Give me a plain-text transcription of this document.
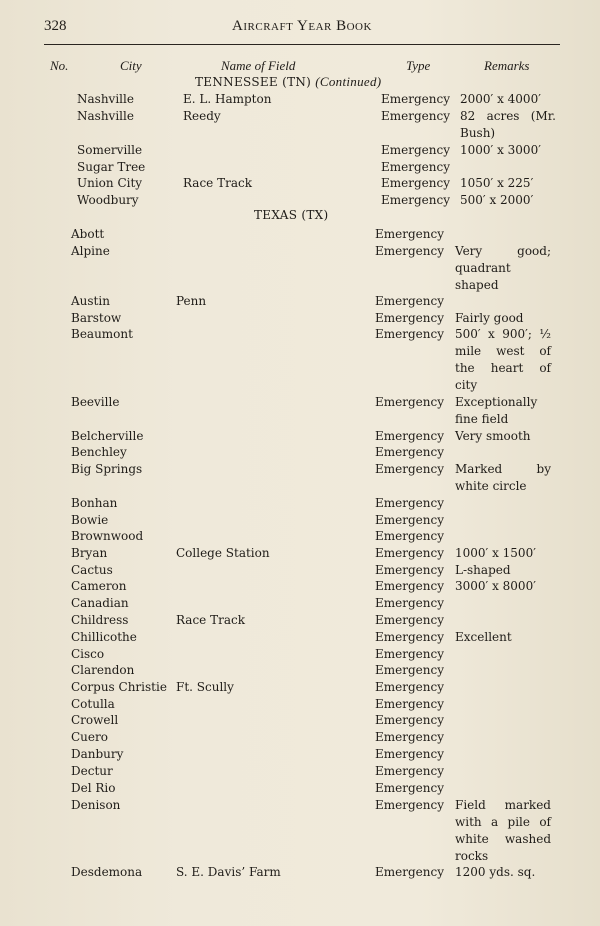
328	Aircraft Year Book
No.	City	Name of Field	Type	Remarks
TENNESSEE (TN) (Continued)
Nashville	E. L. Hampton	Emergency 2000′ x 4000′
Nashville	Reedy	Emergency 82 acres (Mr. Bush)
Somerville	Emergency 1000′ x 3000′
Sugar Tree	Emergency
Union City	Race Track	Emergency 1050′ x 225′
Woodbury	Emergency 500′ x 2000′
TEXAS (TX)
Abott	Emergency
Alpine	Emergency Very good; quadrant shaped
Austin	Penn	Emergency
Barstow	Emergency Fairly good
Beaumont	Emergency 500′ x 900′; ½ mile west of the heart of city
Beeville	Emergency Exceptionally fine field
Belcherville	Emergency Very smooth
Benchley	Emergency
Big Springs	Emergency Marked by white circle
Bonhan	Emergency
Bowie	Emergency
Brownwood	Emergency
Bryan	College Station	Emergency 1000′ x 1500′
Cactus	Emergency L-shaped
Cameron	Emergency 3000′ x 8000′
Canadian	Emergency
Childress	Race Track	Emergency
Chillicothe	Emergency Excellent
Cisco	Emergency
Clarendon	Emergency
Corpus Christie Ft. Scully	Emergency
Cotulla	Emergency
Crowell	Emergency
Cuero	Emergency
Danbury	Emergency
Dectur	Emergency
Del Rio	Emergency
Denison	Emergency Field marked with a pile of white washed rocks
Desdemona	S. E. Davis’ Farm	Emergency 1200 yds. sq.
